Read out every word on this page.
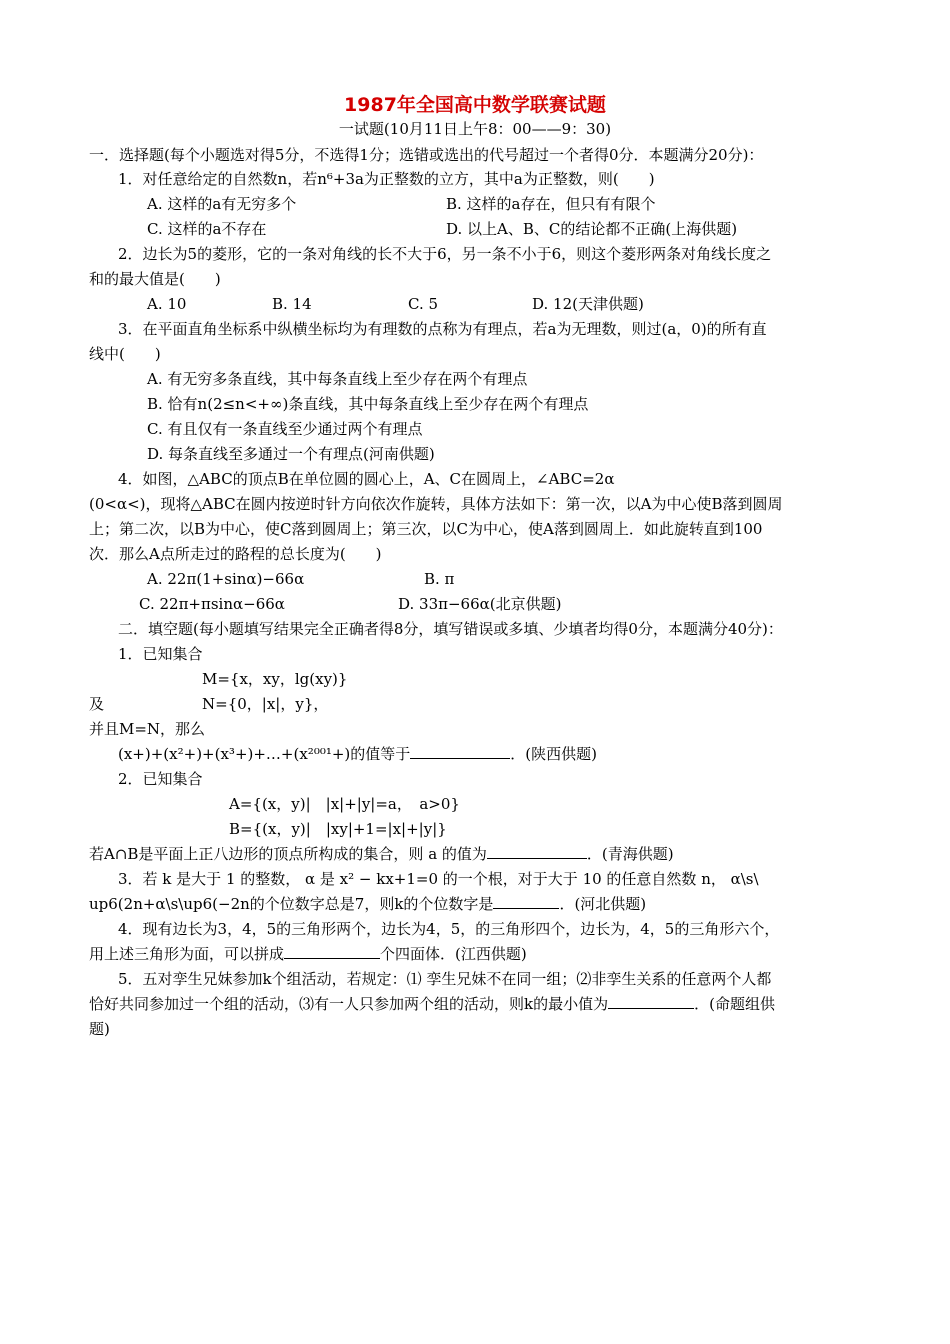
1987年全国高中数学联赛试题
一试题(10月11日上午8：00——9：30)
一．选择题(每个小题选对得5分，不选得1分；选错或选出的代号超过一个者得0分．本题满分20分)：
1．对任意给定的自然数n，若n⁶+3a为正整数的立方，其中a为正整数，则(　　)
A. 这样的a有无穷多个	B. 这样的a存在，但只有有限个
C. 这样的a不存在	D. 以上A、B、C的结论都不正确(上海供题)
2．边长为5的菱形，它的一条对角线的长不大于6，另一条不小于6，则这个菱形两条对角线长度之
和的最大值是(　　)
A. 10	B. 14	C. 5	D. 12(天津供题)
3．在平面直角坐标系中纵横坐标均为有理数的点称为有理点，若a为无理数，则过(a，0)的所有直
线中(　　)
A. 有无穷多条直线，其中每条直线上至少存在两个有理点
B. 恰有n(2≤n<+∞)条直线，其中每条直线上至少存在两个有理点
C. 有且仅有一条直线至少通过两个有理点
D. 每条直线至多通过一个有理点(河南供题)
4．如图，△ABC的顶点B在单位圆的圆心上，A、C在圆周上，∠ABC=2α
(0<α<)，现将△ABC在圆内按逆时针方向依次作旋转，具体方法如下：第一次，以A为中心使B落到圆周
上；第二次，以B为中心，使C落到圆周上；第三次，以C为中心，使A落到圆周上．如此旋转直到100
次．那么A点所走过的路程的总长度为(　　)
A. 22π(1+sinα)−66α	B. π
C. 22π+πsinα−66α	D. 33π−66α(北京供题)
二．填空题(每小题填写结果完全正确者得8分，填写错误或多填、少填者均得0分，本题满分40分)：
1．已知集合
M={x，xy，lg(xy)}
及	N={0，|x|，y}，
并且M=N，那么
(x+)+(x²+)+(x³+)+…+(x²⁰⁰¹+)的值等于	．(陕西供题)
2．已知集合
A={(x，y)|　|x|+|y|=a，　a>0}
B={(x，y)|　|xy|+1=|x|+|y|}
若A∩B是平面上正八边形的顶点所构成的集合，则 a 的值为	．(青海供题)
3．若 k 是大于 1 的整数， α 是 x² − kx+1=0 的一个根，对于大于 10 的任意自然数 n， α\s\
up6(2n+α\s\up6(−2n的个位数字总是7，则k的个位数字是	．(河北供题)
4．现有边长为3，4，5的三角形两个，边长为4，5，的三角形四个，边长为，4，5的三角形六个，
用上述三角形为面，可以拼成	个四面体．(江西供题)
5．五对孪生兄妹参加k个组活动，若规定：⑴ 孪生兄妹不在同一组；⑵非孪生关系的任意两个人都
恰好共同参加过一个组的活动，⑶有一人只参加两个组的活动，则k的最小值为	．(命题组供
题)
